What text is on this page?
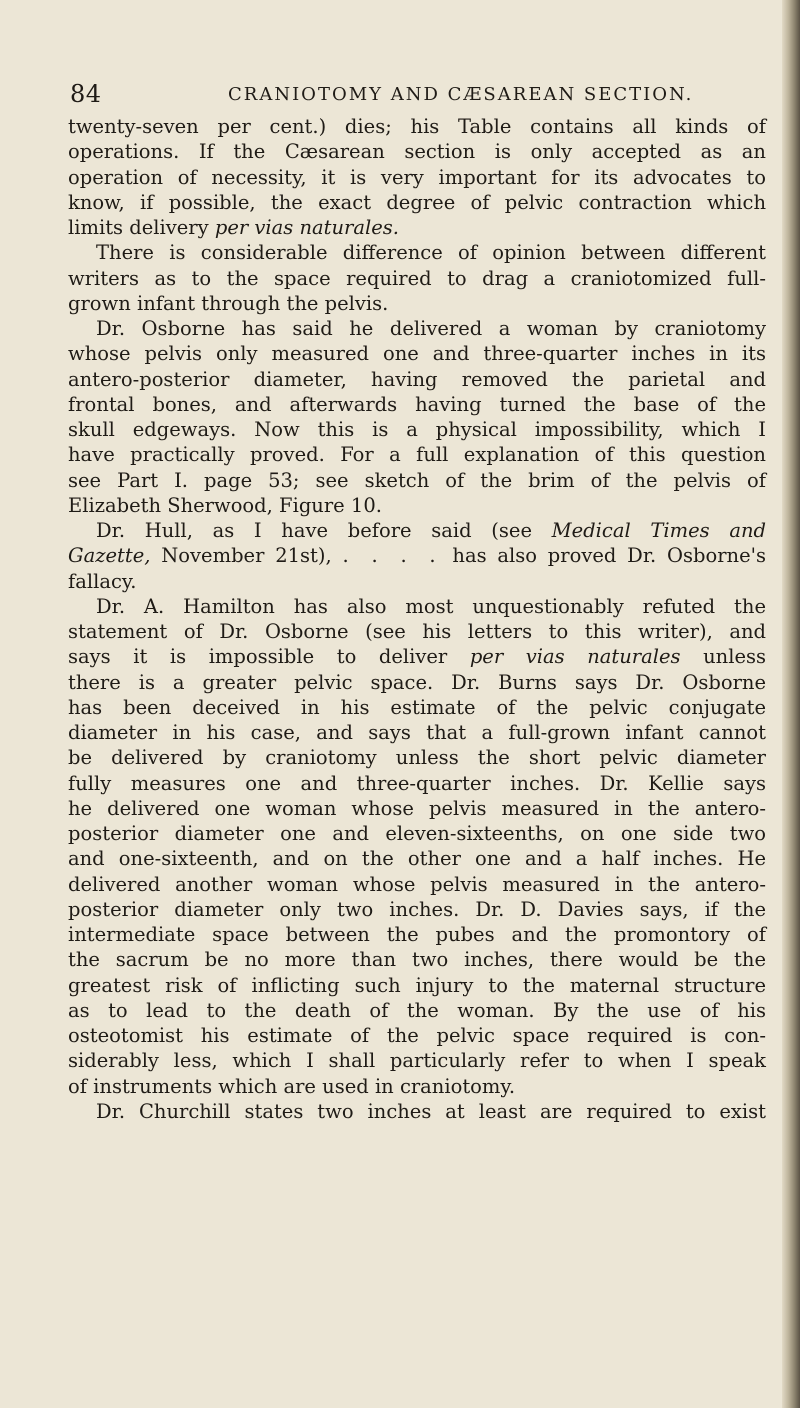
84	CRANIOTOMY AND CÆSAREAN SECTION.
twenty-seven per cent.) dies; his Table contains all kinds of
operations. If the Cæsarean section is only accepted as an
operation of necessity, it is very important for its advocates to
know, if possible, the exact degree of pelvic contraction which
limits delivery per vias naturales.
There is considerable difference of opinion between different
writers as to the space required to drag a craniotomized full-
grown infant through the pelvis.
Dr. Osborne has said he delivered a woman by craniotomy
whose pelvis only measured one and three-quarter inches in its
antero-posterior diameter, having removed the parietal and
frontal bones, and afterwards having turned the base of the
skull edgeways. Now this is a physical impossibility, which I
have practically proved. For a full explanation of this question
see Part I. page 53; see sketch of the brim of the pelvis of
Elizabeth Sherwood, Figure 10.
Dr. Hull, as I have before said (see Medical Times and
Gazette, November 21st), . . . . has also proved Dr. Osborne's
fallacy.
Dr. A. Hamilton has also most unquestionably refuted the
statement of Dr. Osborne (see his letters to this writer), and
says it is impossible to deliver per vias naturales unless
there is a greater pelvic space. Dr. Burns says Dr. Osborne
has been deceived in his estimate of the pelvic conjugate
diameter in his case, and says that a full-grown infant cannot
be delivered by craniotomy unless the short pelvic diameter
fully measures one and three-quarter inches. Dr. Kellie says
he delivered one woman whose pelvis measured in the antero-
posterior diameter one and eleven-sixteenths, on one side two
and one-sixteenth, and on the other one and a half inches. He
delivered another woman whose pelvis measured in the antero-
posterior diameter only two inches. Dr. D. Davies says, if the
intermediate space between the pubes and the promontory of
the sacrum be no more than two inches, there would be the
greatest risk of inflicting such injury to the maternal structure
as to lead to the death of the woman. By the use of his
osteotomist his estimate of the pelvic space required is con-
siderably less, which I shall particularly refer to when I speak
of instruments which are used in craniotomy.
Dr. Churchill states two inches at least are required to exist
